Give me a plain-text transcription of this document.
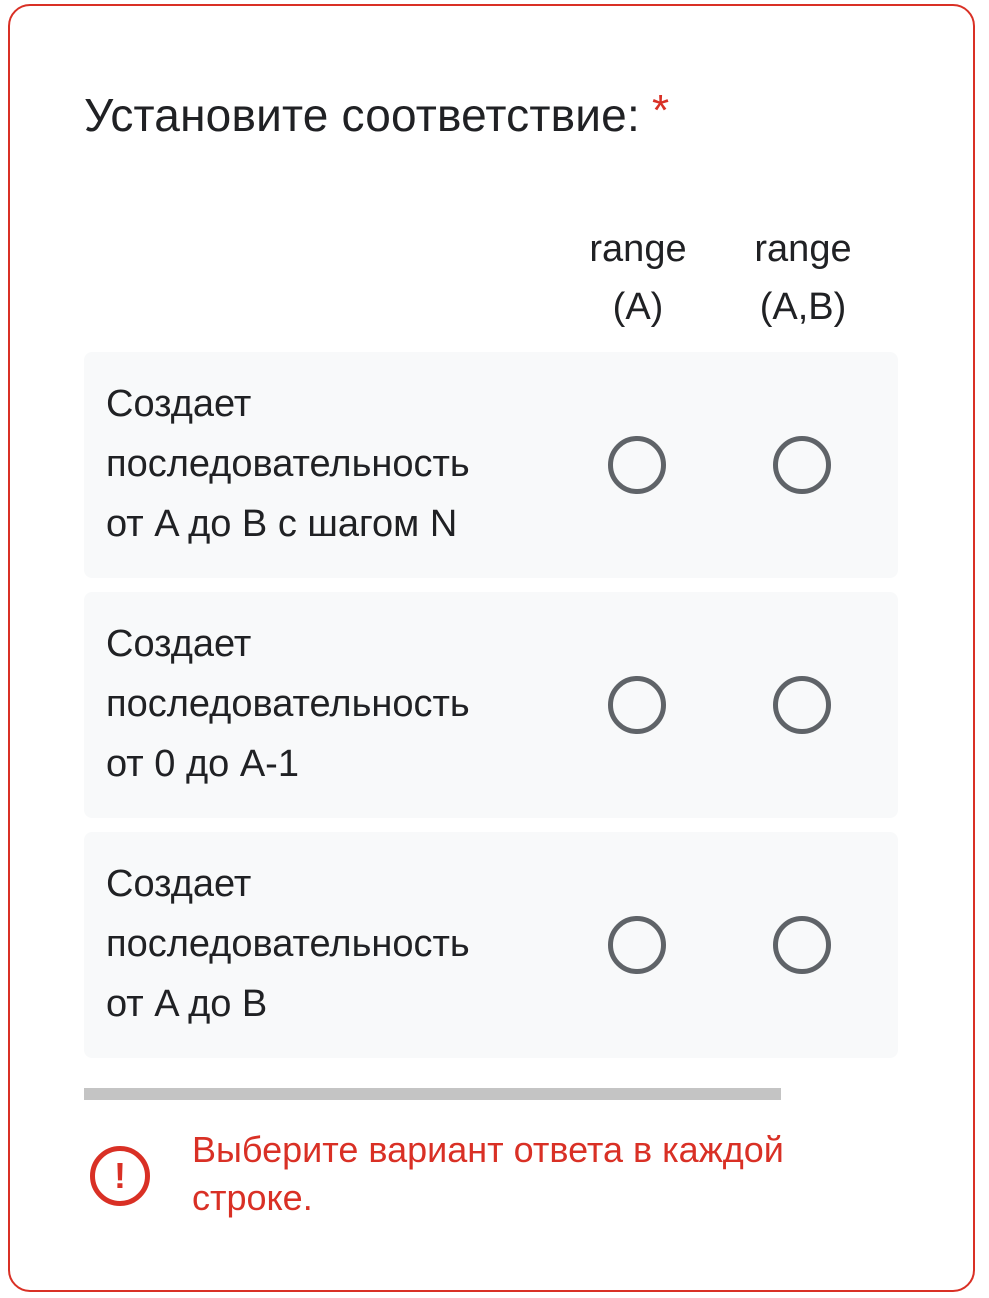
Установите соответствие: *
range
(A)
range
(A,B)
Создает
последовательность
от A до B с шагом N
Создает
последовательность
от 0 до A-1
Создает
последовательность
от A до B
!
Выберите вариант ответа в каждой
строке.
